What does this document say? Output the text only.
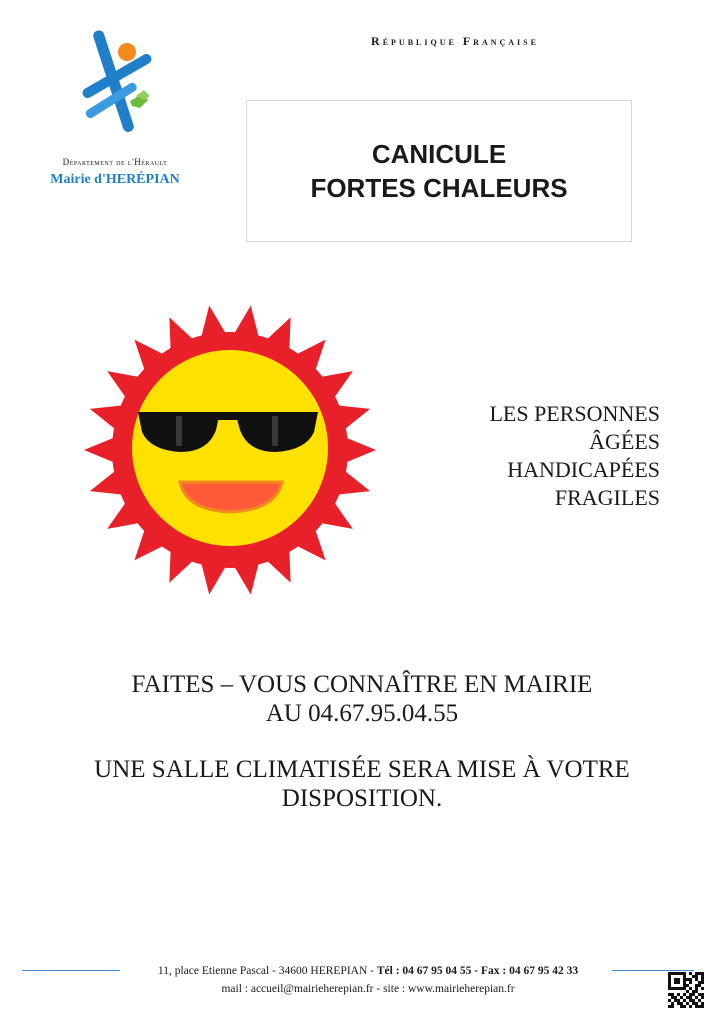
Département de l'Hérault
Mairie d'HERÉPIAN
République Française
CANICULE
FORTES CHALEURS
LES PERSONNES
ÂGÉES
HANDICAPÉES
FRAGILES
FAITES – VOUS CONNAÎTRE EN MAIRIE
AU 04.67.95.04.55
UNE SALLE CLIMATISÉE SERA MISE À VOTRE
DISPOSITION.
11, place Etienne Pascal - 34600 HEREPIAN - Tél : 04 67 95 04 55 - Fax : 04 67 95 42 33
mail : accueil@mairieherepian.fr - site : www.mairieherepian.fr
